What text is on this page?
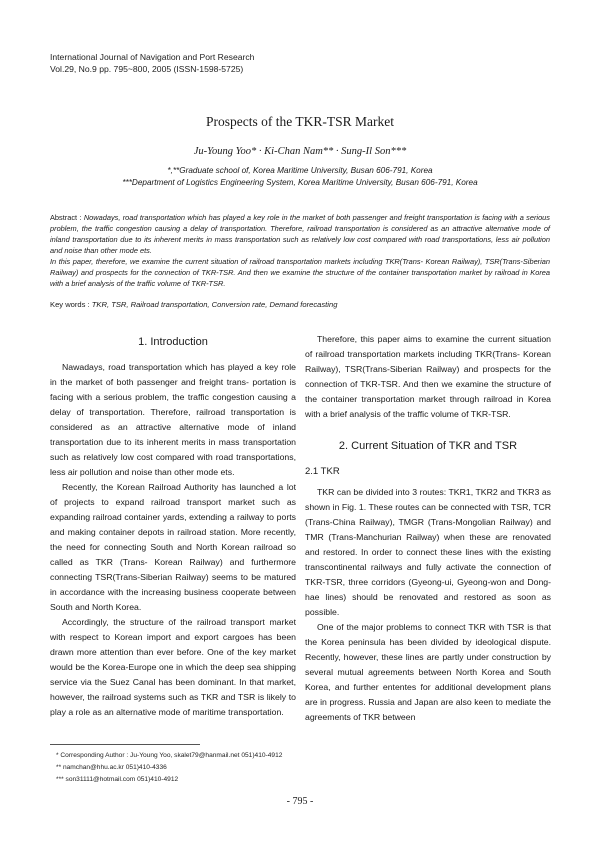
International Journal of Navigation and Port Research
Vol.29, No.9 pp. 795~800, 2005 (ISSN-1598-5725)
Prospects of the TKR-TSR Market
Ju-Young Yoo* · Ki-Chan Nam** · Sung-Il Son***
*,**Graduate school of, Korea Maritime University, Busan 606-791, Korea
***Department of Logistics Engineering System, Korea Maritime University, Busan 606-791, Korea

Abstract : Nowadays, road transportation which has played a key role in the market of both passenger and freight transportation is facing with a serious problem, the traffic congestion causing a delay of transportation. Therefore, railroad transportation is considered as an attractive alternative mode of inland transportation due to its inherent merits in mass transportation such as relatively low cost compared with road transportations, less air pollution and noise than other mode ets.

In this paper, therefore, we examine the current situation of railroad transportation markets including TKR(Trans- Korean Railway), TSR(Trans-Siberian Railway) and prospects for the connection of TKR-TSR. And then we examine the structure of the container transportation market by railroad in Korea with a brief analysis of the traffic volume of TKR-TSR.

Key words : TKR, TSR, Railroad transportation, Conversion rate, Demand forecasting
1. Introduction

Nawadays, road transportation which has played a key role in the market of both passenger and freight trans- portation is facing with a serious problem, the traffic congestion causing a delay of transportation. Therefore, railroad transportation is considered as an attractive alternative mode of inland transportation due to its inherent merits in mass transportation such as relatively low cost compared with road transportations, less air pollution and noise than other mode ets.

Recently, the Korean Railroad Authority has launched a lot of projects to expand railroad transport market such as expanding railroad container yards, extending a railway to ports and making container depots in railroad station. More recently, the need for connecting South and North Korean railroad so called as TKR (Trans- Korean Railway) and furthermore connecting TSR(Trans-Siberian Railway) seems to be matured in accordance with the increasing business cooperate between South and North Korea.

Accordingly, the structure of the railroad transport market with respect to Korean import and export cargoes has been drawn more attention than ever before. One of the key market would be the Korea-Europe one in which the deep sea shipping service via the Suez Canal has been dominant. In that market, however, the railroad systems such as TKR and TSR is likely to play a role as an alternative mode of maritime transportation.

Therefore, this paper aims to examine the current situation of railroad transportation markets including TKR(Trans- Korean Railway), TSR(Trans-Siberian Railway) and prospects for the connection of TKR-TSR. And then we examine the structure of the container transportation market through railroad in Korea with a brief analysis of the traffic volume of TKR-TSR.

2. Current Situation of TKR and TSR
2.1 TKR

TKR can be divided into 3 routes: TKR1, TKR2 and TKR3 as shown in Fig. 1. These routes can be connected with TSR, TCR (Trans-China Railway), TMGR (Trans-Mongolian Railway) and TMR (Trans-Manchurian Railway) when these are renovated and restored. In order to connect these lines with the existing transcontinental railways and fully activate the connection of TKR-TSR, three corridors (Gyeong-ui, Gyeong-won and Dong-hae lines) should be renovated and restored as soon as possible.

One of the major problems to connect TKR with TSR is that the Korea peninsula has been divided by ideological dispute. Recently, however, these lines are partly under construction by several mutual agreements between North Korea and South Korea, and further ententes for additional development plans are in progress. Russia and Japan are also keen to mediate the agreements of TKR between

* Corresponding Author : Ju-Young Yoo, skalet79@hanmail.net 051)410-4912
** namchan@hhu.ac.kr 051)410-4336
*** son31111@hotmail.com 051)410-4912
- 795 -
